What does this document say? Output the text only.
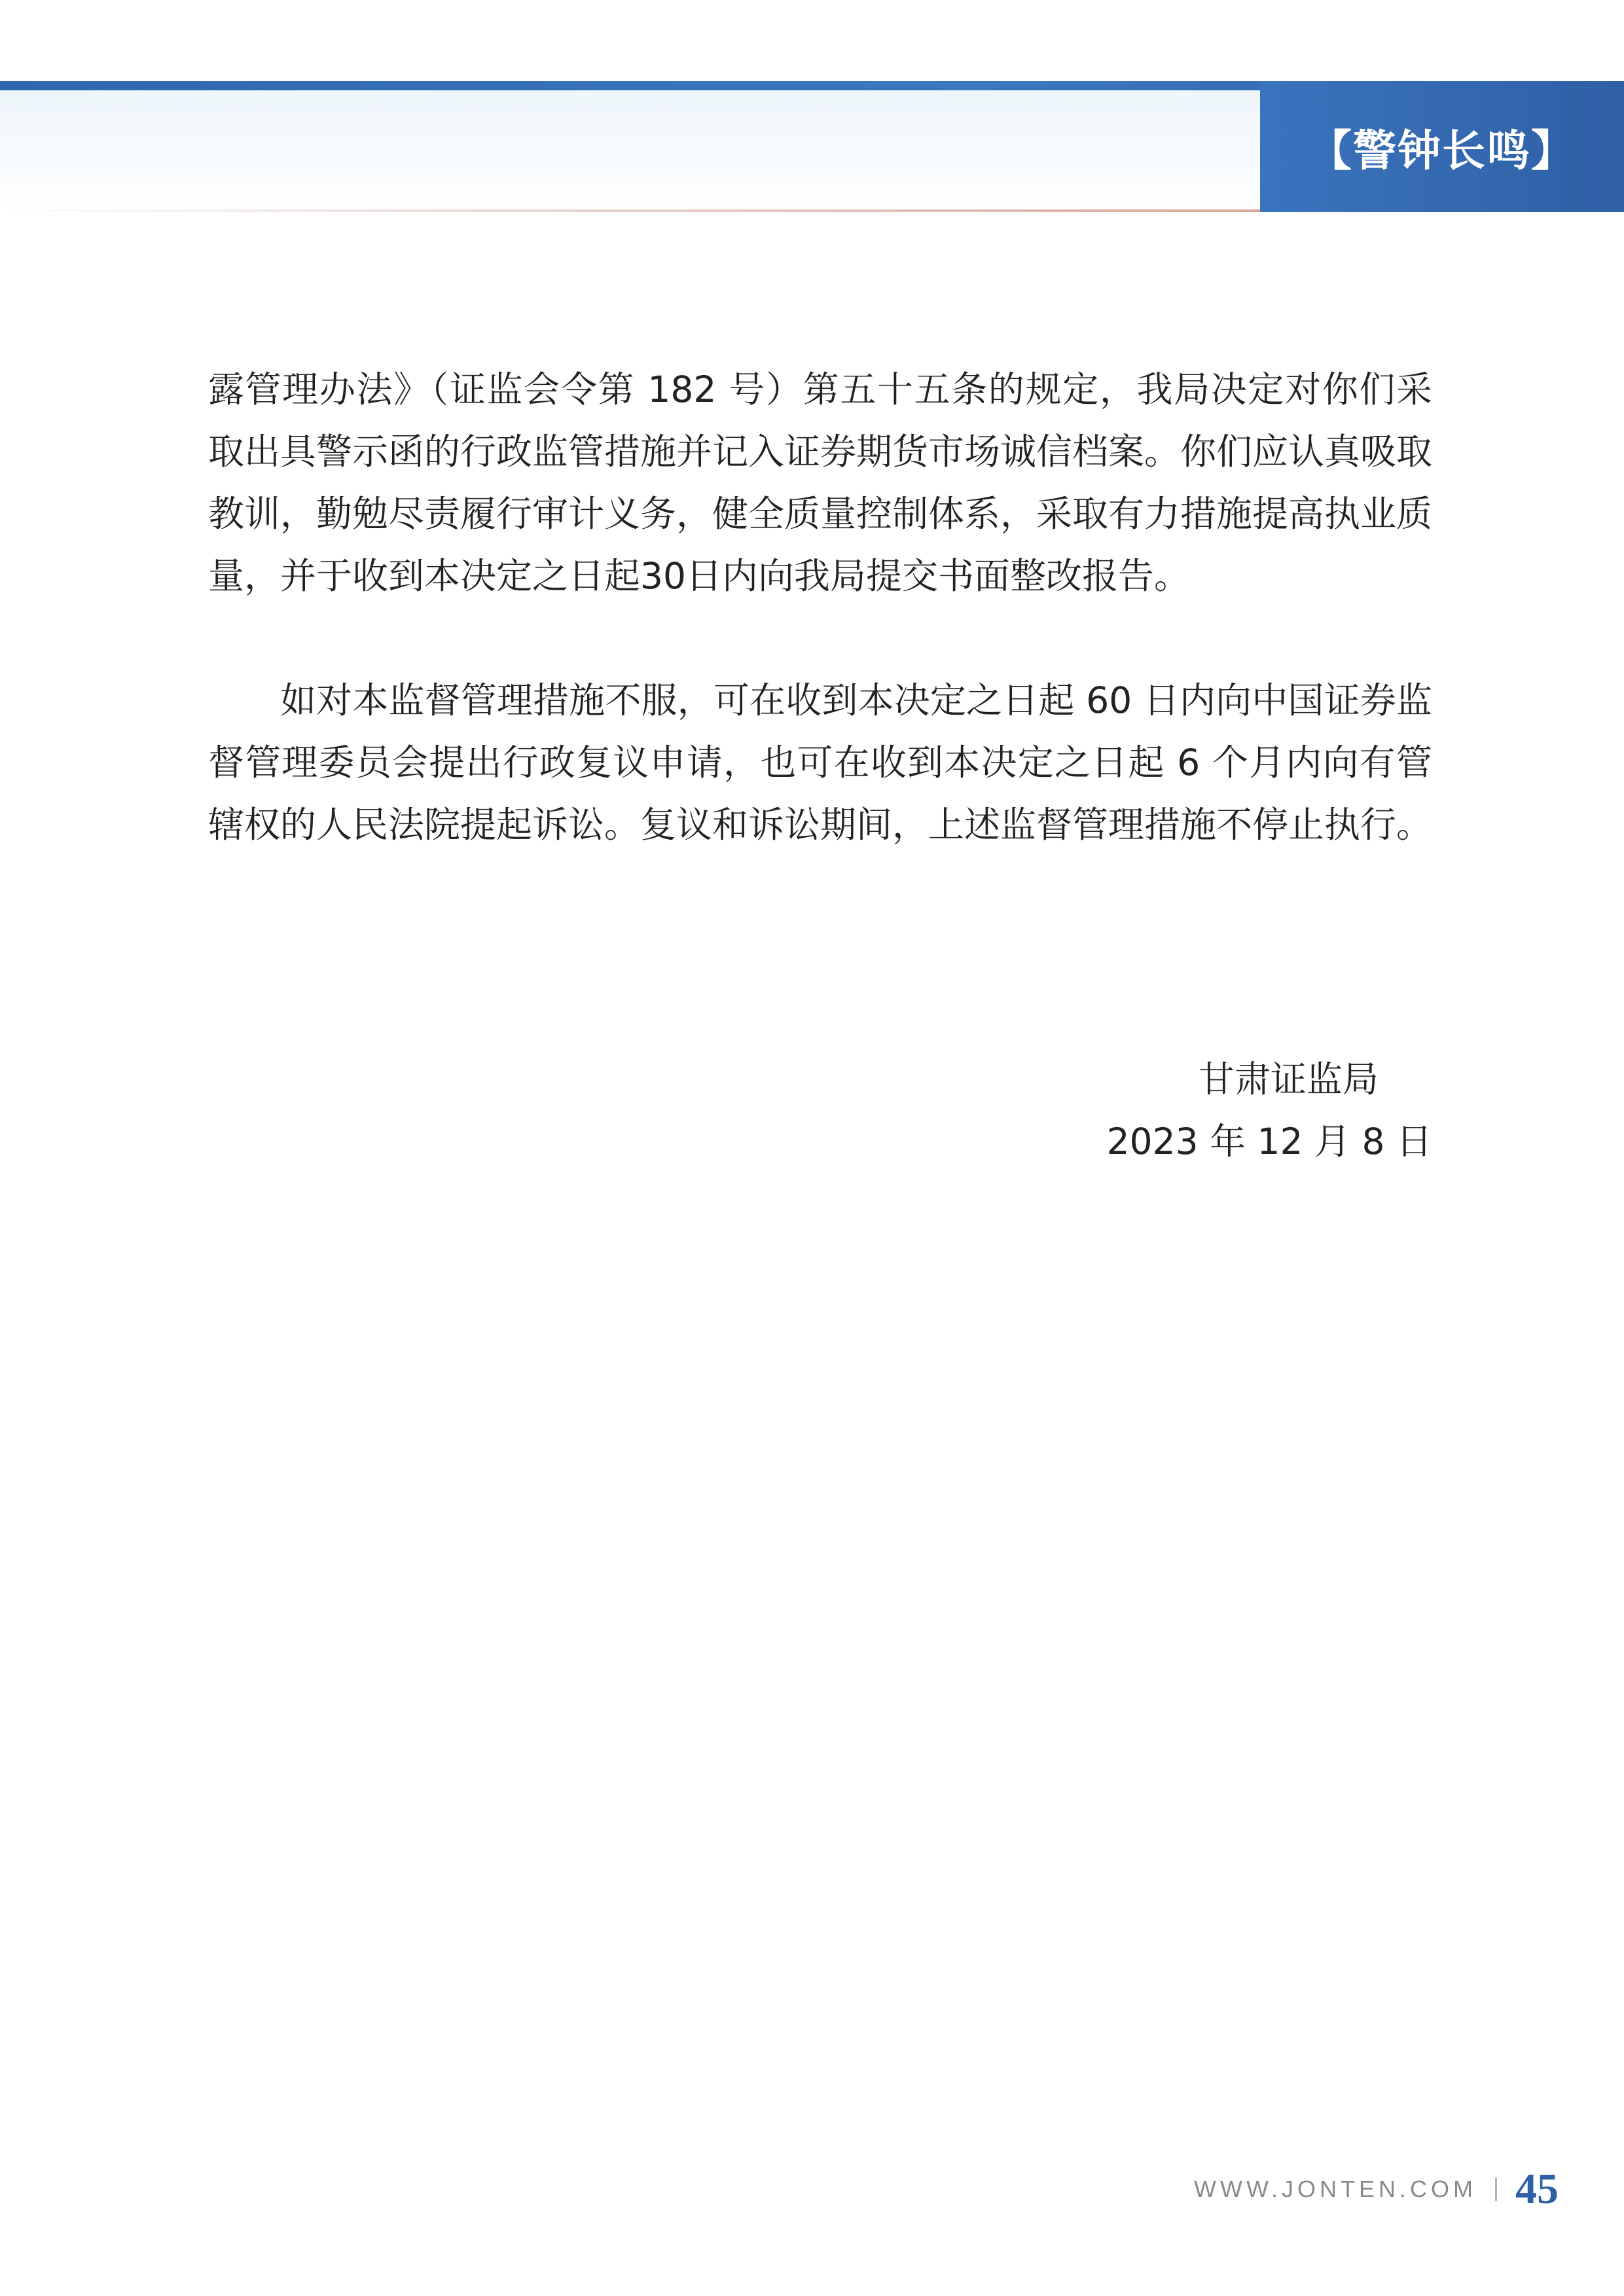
【警钟长鸣】

露管理办法》（证监会令第 182 号）第五十五条的规定，我局决定对你们采取出具警示函的行政监管措施并记入证券期货市场诚信档案。你们应认真吸取教训，勤勉尽责履行审计义务，健全质量控制体系，采取有力措施提高执业质量，并于收到本决定之日起30日内向我局提交书面整改报告。

如对本监督管理措施不服，可在收到本决定之日起 60 日内向中国证券监督管理委员会提出行政复议申请，也可在收到本决定之日起 6 个月内向有管辖权的人民法院提起诉讼。复议和诉讼期间，上述监督管理措施不停止执行。

甘肃证监局
2023 年 12 月 8 日
WWW.JONTEN.COM 45
